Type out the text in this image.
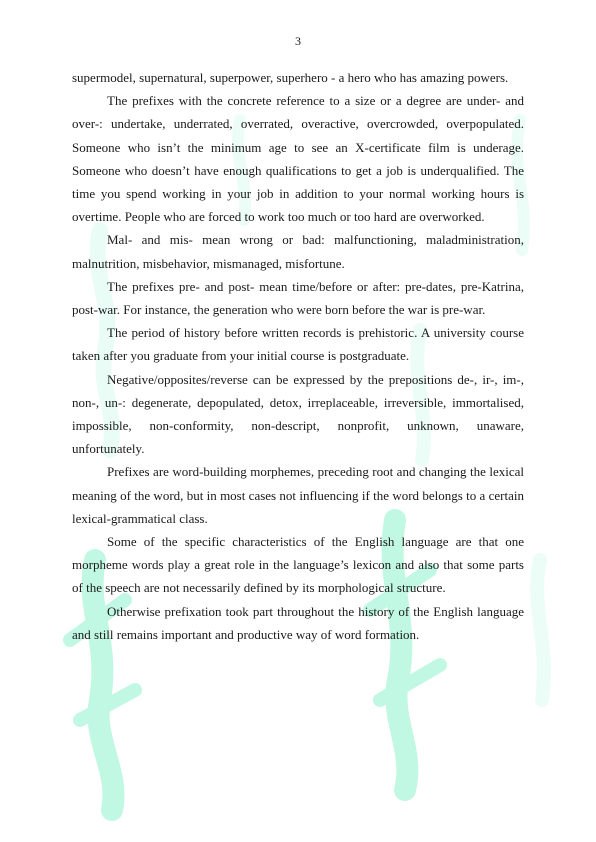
3

supermodel, supernatural, superpower, superhero - a hero who has amazing powers.

The prefixes with the concrete reference to a size or a degree are under- and over-: undertake, underrated, overrated, overactive, overcrowded, overpopulated. Someone who isn’t the minimum age to see an X-certificate film is underage. Someone who doesn’t have enough qualifications to get a job is underqualified. The time you spend working in your job in addition to your normal working hours is overtime. People who are forced to work too much or too hard are overworked.

Mal- and mis- mean wrong or bad: malfunctioning, maladministration, malnutrition, misbehavior, mismanaged, misfortune.

The prefixes pre- and post- mean time/before or after: pre-dates, pre-Katrina, post-war. For instance, the generation who were born before the war is pre-war.

The period of history before written records is prehistoric. A university course taken after you graduate from your initial course is postgraduate.

Negative/opposites/reverse can be expressed by the prepositions de-, ir-, im-, non-, un-: degenerate, depopulated, detox, irreplaceable, irreversible, immortalised, impossible, non-conformity, non-descript, nonprofit, unknown, unaware, unfortunately.

Prefixes are word-building morphemes, preceding root and changing the lexical meaning of the word, but in most cases not influencing if the word belongs to a certain lexical-grammatical class.

Some of the specific characteristics of the English language are that one morpheme words play a great role in the language’s lexicon and also that some parts of the speech are not necessarily defined by its morphological structure.

Otherwise prefixation took part throughout the history of the English language and still remains important and productive way of word formation.
